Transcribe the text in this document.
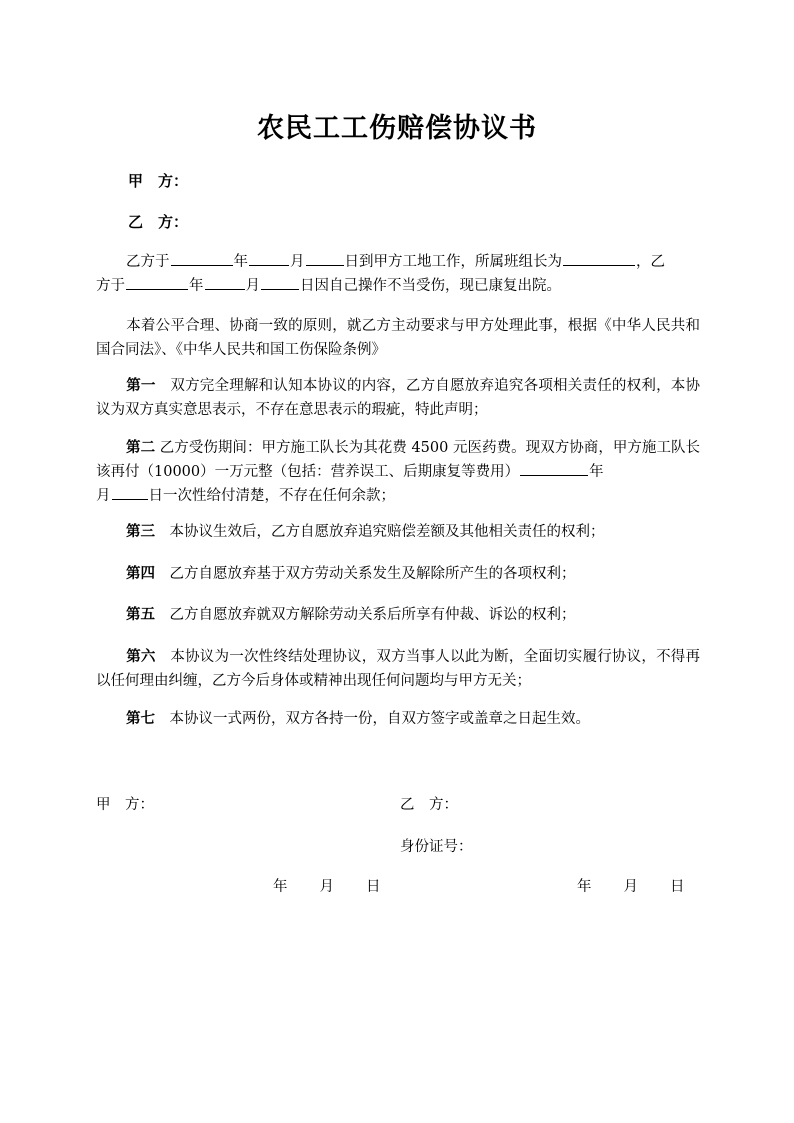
农民工工伤赔偿协议书
甲　方：
乙　方：
乙方于	年	月	日到甲方工地工作，所属班组长为	，乙
方于	年	月	日因自己操作不当受伤，现已康复出院。
本着公平合理、协商一致的原则，就乙方主动要求与甲方处理此事，根据《中华人民共和国合同法》、《中华人民共和国工伤保险条例》
第一　双方完全理解和认知本协议的内容，乙方自愿放弃追究各项相关责任的权利，本协议为双方真实意思表示，不存在意思表示的瑕疵，特此声明；
第二 乙方受伤期间：甲方施工队长为其花费 4500 元医药费。现双方协商，甲方施工队长该再付（10000）一万元整（包括：营养误工、后期康复等费用）	年
月	日一次性给付清楚，不存在任何余款；
第三　 本协议生效后，乙方自愿放弃追究赔偿差额及其他相关责任的权利；
第四　 乙方自愿放弃基于双方劳动关系发生及解除所产生的各项权利；
第五　 乙方自愿放弃就双方解除劳动关系后所享有仲裁、诉讼的权利；
第六　 本协议为一次性终结处理协议，双方当事人以此为断，全面切实履行协议，不得再以任何理由纠缠，乙方今后身体或精神出现任何问题均与甲方无关；
第七　 本协议一式两份，双方各持一份，自双方签字或盖章之日起生效。
甲　方：	乙　方：
身份证号：
年 月 日	年 月 日
